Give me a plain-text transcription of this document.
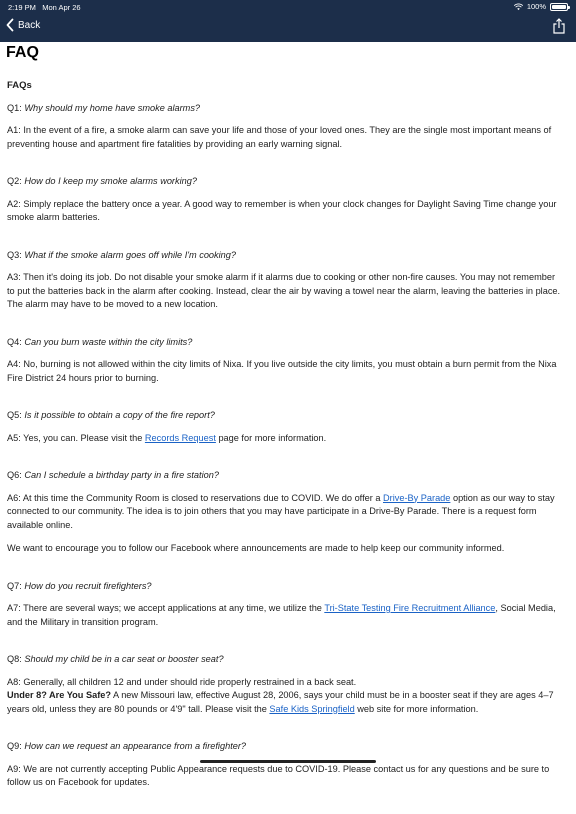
2:19 PM Mon Apr 26	100%
Back
FAQ
FAQs
Q1: Why should my home have smoke alarms?
A1: In the event of a fire, a smoke alarm can save your life and those of your loved ones. They are the single most important means of preventing house and apartment fire fatalities by providing an early warning signal.
Q2: How do I keep my smoke alarms working?
A2: Simply replace the battery once a year. A good way to remember is when your clock changes for Daylight Saving Time change your smoke alarm batteries.
Q3: What if the smoke alarm goes off while I'm cooking?
A3: Then it's doing its job. Do not disable your smoke alarm if it alarms due to cooking or other non-fire causes. You may not remember to put the batteries back in the alarm after cooking. Instead, clear the air by waving a towel near the alarm, leaving the batteries in place. The alarm may have to be moved to a new location.
Q4: Can you burn waste within the city limits?
A4: No, burning is not allowed within the city limits of Nixa. If you live outside the city limits, you must obtain a burn permit from the Nixa Fire District 24 hours prior to burning.
Q5: Is it possible to obtain a copy of the fire report?
A5: Yes, you can. Please visit the Records Request page for more information.
Q6: Can I schedule a birthday party in a fire station?

A6: At this time the Community Room is closed to reservations due to COVID. We do offer a Drive-By Parade option as our way to stay connected to our community. The idea is to join others that you may have participate in a Drive-By Parade. There is a request form available online.

We want to encourage you to follow our Facebook where announcements are made to help keep our community informed.

Q7: How do you recruit firefighters?
A7: There are several ways; we accept applications at any time, we utilize the Tri-State Testing Fire Recruitment Alliance, Social Media, and the Military in transition program.
Q8: Should my child be in a car seat or booster seat?
A8: Generally, all children 12 and under should ride properly restrained in a back seat.
Under 8? Are You Safe? A new Missouri law, effective August 28, 2006, says your child must be in a booster seat if they are ages 4–7 years old, unless they are 80 pounds or 4'9" tall. Please visit the Safe Kids Springfield web site for more information.
Q9: How can we request an appearance from a firefighter?
A9: We are not currently accepting Public Appearance requests due to COVID-19. Please contact us for any questions and be sure to follow us on Facebook for updates.
